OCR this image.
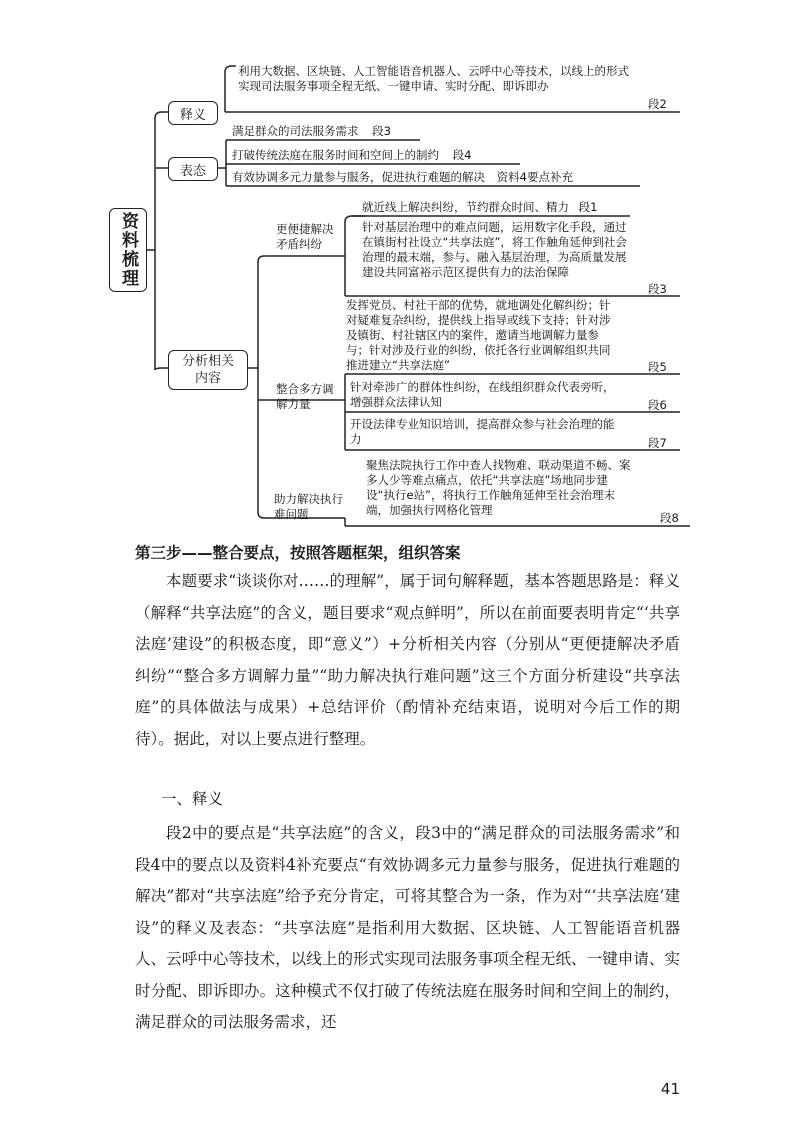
资料梳理
释义
利用大数据、区块链、人工智能语音机器人、云呼中心等技术，以线上的形式实现司法服务事项全程无纸、一键申请、实时分配、即诉即办
段2
表态
满足群众的司法服务需求 段3
打破传统法庭在服务时间和空间上的制约 段4
有效协调多元力量参与服务，促进执行难题的解决 资料4要点补充
分析相关内容
更便捷解决矛盾纠纷
就近线上解决纠纷，节约群众时间、精力 段1
针对基层治理中的难点问题，运用数字化手段，通过在镇街村社设立“共享法庭”，将工作触角延伸到社会治理的最末端，参与、融入基层治理，为高质量发展建设共同富裕示范区提供有力的法治保障
段3
整合多方调解力量
发挥党员、村社干部的优势，就地调处化解纠纷；针对疑难复杂纠纷，提供线上指导或线下支持；针对涉及镇街、村社辖区内的案件，邀请当地调解力量参与；针对涉及行业的纠纷，依托各行业调解组织共同推进建立“共享法庭”	段5
针对牵涉广的群体性纠纷，在线组织群众代表旁听，增强群众法律认知	段6
开设法律专业知识培训，提高群众参与社会治理的能力	段7
助力解决执行难问题
聚焦法院执行工作中查人找物难、联动渠道不畅、案多人少等难点痛点，依托“共享法庭”场地同步建设“执行e站”，将执行工作触角延伸至社会治理末端，加强执行网格化管理
段8
第三步——整合要点，按照答题框架，组织答案

本题要求“谈谈你对……的理解”，属于词句解释题，基本答题思路是：释义（解释“共享法庭”的含义，题目要求“观点鲜明”，所以在前面要表明肯定“‘共享法庭’建设”的积极态度，即“意义”）+分析相关内容（分别从“更便捷解决矛盾纠纷”“整合多方调解力量”“助力解决执行难问题”这三个方面分析建设“共享法庭”的具体做法与成果）+总结评价（酌情补充结束语，说明对今后工作的期待）。据此，对以上要点进行整理。

一、释义

段2中的要点是“共享法庭”的含义，段3中的“满足群众的司法服务需求”和段4中的要点以及资料4补充要点“有效协调多元力量参与服务，促进执行难题的解决”都对“共享法庭”给予充分肯定，可将其整合为一条，作为对“‘共享法庭’建设”的释义及表态：“共享法庭”是指利用大数据、区块链、人工智能语音机器人、云呼中心等技术，以线上的形式实现司法服务事项全程无纸、一键申请、实时分配、即诉即办。这种模式不仅打破了传统法庭在服务时间和空间上的制约，满足群众的司法服务需求，还

41
